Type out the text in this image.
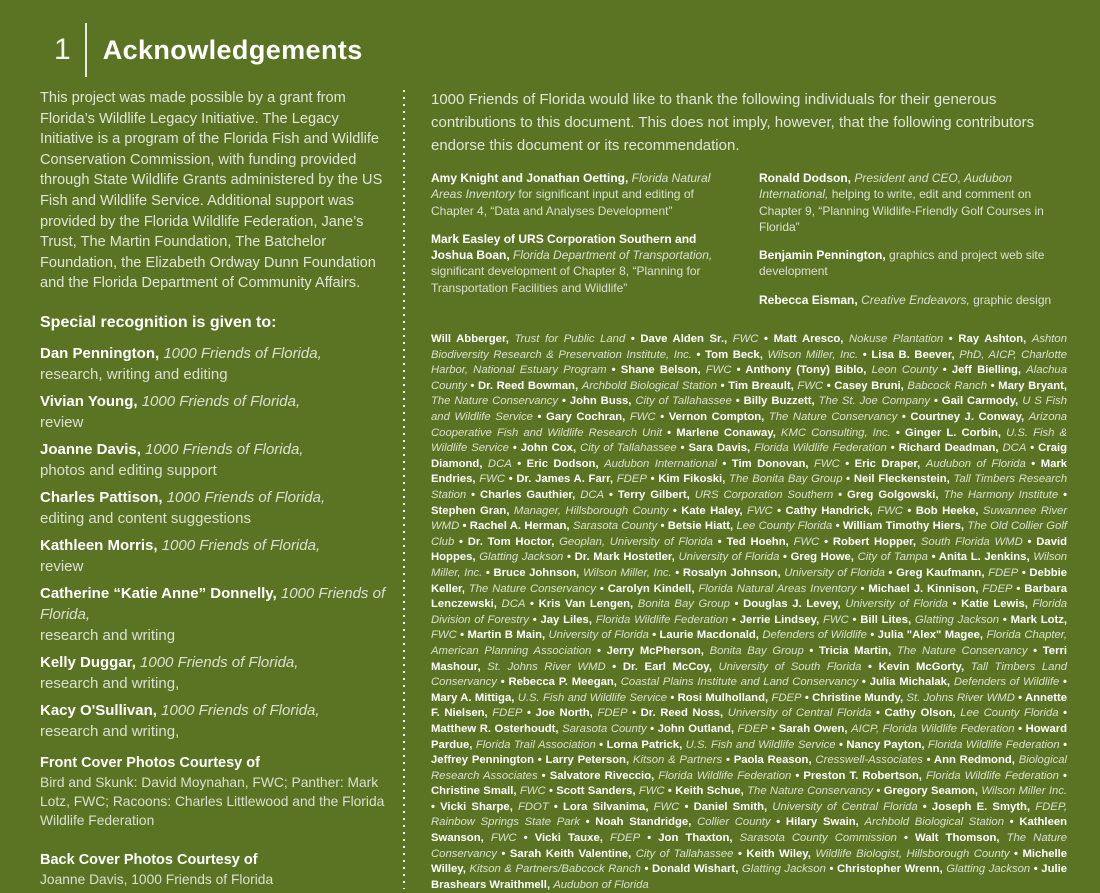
1	Acknowledgements

This project was made possible by a grant from Florida’s Wildlife Legacy Initiative. The Legacy Initiative is a program of the Florida Fish and Wildlife Conservation Commission, with funding provided through State Wildlife Grants administered by the US Fish and Wildlife Service. Additional support was provided by the Florida Wildlife Federation, Jane’s Trust, The Martin Foundation, The Batchelor Foundation, the Elizabeth Ordway Dunn Foundation and the Florida Department of Community Affairs.

Special recognition is given to:
Dan Pennington, 1000 Friends of Florida,
research, writing and editing
Vivian Young, 1000 Friends of Florida,
review
Joanne Davis, 1000 Friends of Florida,
photos and editing support
Charles Pattison, 1000 Friends of Florida,
editing and content suggestions
Kathleen Morris, 1000 Friends of Florida,
review
Catherine “Katie Anne” Donnelly, 1000 Friends of Florida,
research and writing
Kelly Duggar, 1000 Friends of Florida,
research and writing,
Kacy O'Sullivan, 1000 Friends of Florida,
research and writing,
Front Cover Photos Courtesy of

Bird and Skunk: David Moynahan, FWC; Panther: Mark Lotz, FWC; Racoons: Charles Littlewood and the Florida Wildlife Federation

Back Cover Photos Courtesy of

Joanne Davis, 1000 Friends of Florida

1000 Friends of Florida would like to thank the following individuals for their generous contributions to this document. This does not imply, however, that the following contributors endorse this document or its recommendation.

Amy Knight and Jonathan Oetting, Florida Natural Areas Inventory for significant input and editing of Chapter 4, “Data and Analyses Development”
Mark Easley of URS Corporation Southern and Joshua Boan, Florida Department of Transportation, significant development of Chapter 8, “Planning for Transportation Facilities and Wildlife”
Ronald Dodson, President and CEO, Audubon International, helping to write, edit and comment on Chapter 9, “Planning Wildlife-Friendly Golf Courses in Florida”
Benjamin Pennington, graphics and project web site development
Rebecca Eisman, Creative Endeavors, graphic design

Will Abberger, Trust for Public Land • Dave Alden Sr., FWC • Matt Aresco, Nokuse Plantation • Ray Ashton, Ashton Biodiversity Research & Preservation Institute, Inc. • Tom Beck, Wilson Miller, Inc. • Lisa B. Beever, PhD, AICP, Charlotte Harbor, National Estuary Program • Shane Belson, FWC • Anthony (Tony) Biblo, Leon County • Jeff Bielling, Alachua County • Dr. Reed Bowman, Archbold Biological Station • Tim Breault, FWC • Casey Bruni, Babcock Ranch • Mary Bryant, The Nature Conservancy • John Buss, City of Tallahassee • Billy Buzzett, The St. Joe Company • Gail Carmody, U S Fish and Wildlife Service • Gary Cochran, FWC • Vernon Compton, The Nature Conservancy • Courtney J. Conway, Arizona Cooperative Fish and Wildlife Research Unit • Marlene Conaway, KMC Consulting, Inc. • Ginger L. Corbin, U.S. Fish & Wildlife Service • John Cox, City of Tallahassee • Sara Davis, Florida Wildlife Federation • Richard Deadman, DCA • Craig Diamond, DCA • Eric Dodson, Audubon International • Tim Donovan, FWC • Eric Draper, Audubon of Florida • Mark Endries, FWC • Dr. James A. Farr, FDEP • Kim Fikoski, The Bonita Bay Group • Neil Fleckenstein, Tall Timbers Research Station • Charles Gauthier, DCA • Terry Gilbert, URS Corporation Southern • Greg Golgowski, The Harmony Institute • Stephen Gran, Manager, Hillsborough County • Kate Haley, FWC • Cathy Handrick, FWC • Bob Heeke, Suwannee River WMD • Rachel A. Herman, Sarasota County • Betsie Hiatt, Lee County Florida • William Timothy Hiers, The Old Collier Golf Club • Dr. Tom Hoctor, Geoplan, University of Florida • Ted Hoehn, FWC • Robert Hopper, South Florida WMD • David Hoppes, Glatting Jackson • Dr. Mark Hostetler, University of Florida • Greg Howe, City of Tampa • Anita L. Jenkins, Wilson Miller, Inc. • Bruce Johnson, Wilson Miller, Inc. • Rosalyn Johnson, University of Florida • Greg Kaufmann, FDEP • Debbie Keller, The Nature Conservancy • Carolyn Kindell, Florida Natural Areas Inventory • Michael J. Kinnison, FDEP • Barbara Lenczewski, DCA • Kris Van Lengen, Bonita Bay Group • Douglas J. Levey, University of Florida • Katie Lewis, Florida Division of Forestry • Jay Liles, Florida Wildlife Federation • Jerrie Lindsey, FWC • Bill Lites, Glatting Jackson • Mark Lotz, FWC • Martin B Main, University of Florida • Laurie Macdonald, Defenders of Wildlife • Julia "Alex" Magee, Florida Chapter, American Planning Association • Jerry McPherson, Bonita Bay Group • Tricia Martin, The Nature Conservancy • Terri Mashour, St. Johns River WMD • Dr. Earl McCoy, University of South Florida • Kevin McGorty, Tall Timbers Land Conservancy • Rebecca P. Meegan, Coastal Plains Institute and Land Conservancy • Julia Michalak, Defenders of Wildlife • Mary A. Mittiga, U.S. Fish and Wildlife Service • Rosi Mulholland, FDEP • Christine Mundy, St. Johns River WMD • Annette F. Nielsen, FDEP • Joe North, FDEP • Dr. Reed Noss, University of Central Florida • Cathy Olson, Lee County Florida • Matthew R. Osterhoudt, Sarasota County • John Outland, FDEP • Sarah Owen, AICP, Florida Wildlife Federation • Howard Pardue, Florida Trail Association • Lorna Patrick, U.S. Fish and Wildlife Service • Nancy Payton, Florida Wildlife Federation • Jeffrey Pennington • Larry Peterson, Kitson & Partners • Paola Reason, Cresswell-Associates • Ann Redmond, Biological Research Associates • Salvatore Riveccio, Florida Wildlife Federation • Preston T. Robertson, Florida Wildlife Federation • Christine Small, FWC • Scott Sanders, FWC • Keith Schue, The Nature Conservancy • Gregory Seamon, Wilson Miller Inc. • Vicki Sharpe, FDOT • Lora Silvanima, FWC • Daniel Smith, University of Central Florida • Joseph E. Smyth, FDEP, Rainbow Springs State Park • Noah Standridge, Collier County • Hilary Swain, Archbold Biological Station • Kathleen Swanson, FWC • Vicki Tauxe, FDEP • Jon Thaxton, Sarasota County Commission • Walt Thomson, The Nature Conservancy • Sarah Keith Valentine, City of Tallahassee • Keith Wiley, Wildlife Biologist, Hillsborough County • Michelle Willey, Kitson & Partners/Babcock Ranch • Donald Wishart, Glatting Jackson • Christopher Wrenn, Glatting Jackson • Julie Brashears Wraithmell, Audubon of Florida
